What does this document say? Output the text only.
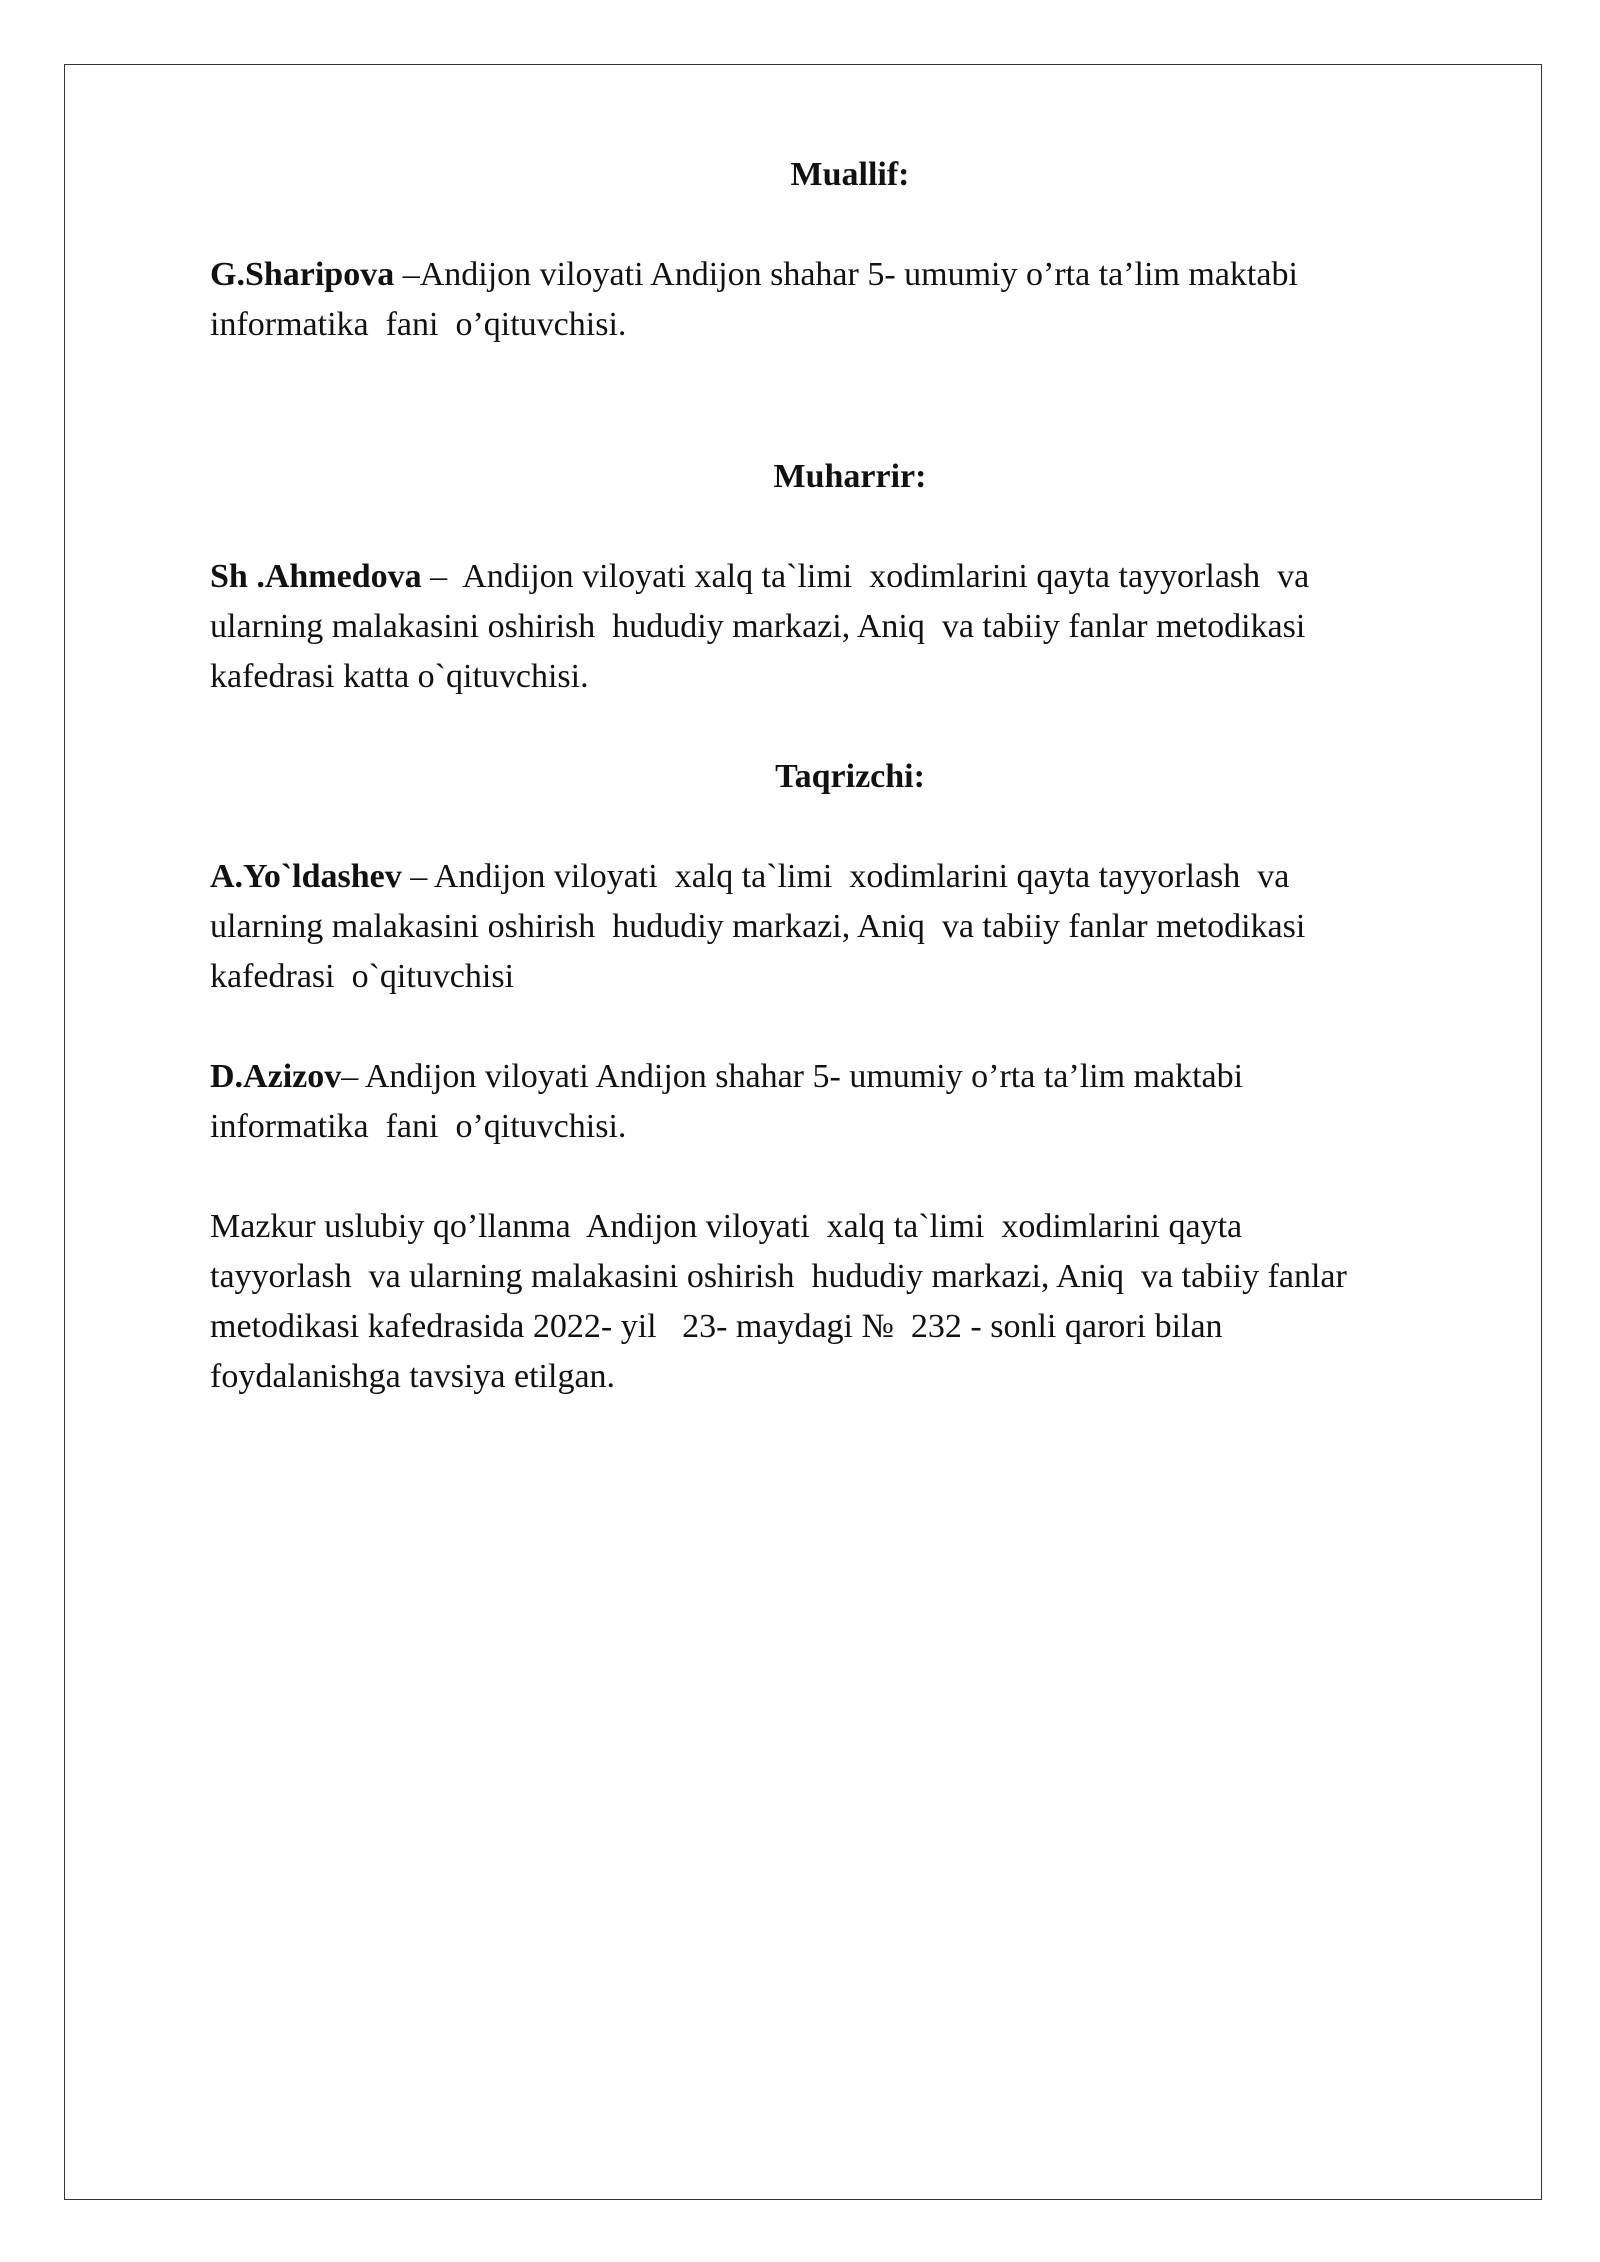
Muallif:
G.Sharipova –Andijon viloyati Andijon shahar 5- umumiy o’rta ta’lim maktabi
informatika  fani  o’qituvchisi.
Muharrir:
Sh .Ahmedova –  Andijon viloyati xalq ta`limi  xodimlarini qayta tayyorlash  va
ularning malakasini oshirish  hududiy markazi, Aniq  va tabiiy fanlar metodikasi
kafedrasi katta o`qituvchisi.
Taqrizchi:
A.Yo`ldashev – Andijon viloyati  xalq ta`limi  xodimlarini qayta tayyorlash  va
ularning malakasini oshirish  hududiy markazi, Aniq  va tabiiy fanlar metodikasi
kafedrasi  o`qituvchisi
D.Azizov– Andijon viloyati Andijon shahar 5- umumiy o’rta ta’lim maktabi
informatika  fani  o’qituvchisi.
Mazkur uslubiy qo’llanma  Andijon viloyati  xalq ta`limi  xodimlarini qayta
tayyorlash  va ularning malakasini oshirish  hududiy markazi, Aniq  va tabiiy fanlar
metodikasi kafedrasida 2022- yil   23- maydagi №  232 - sonli qarori bilan
foydalanishga tavsiya etilgan.
